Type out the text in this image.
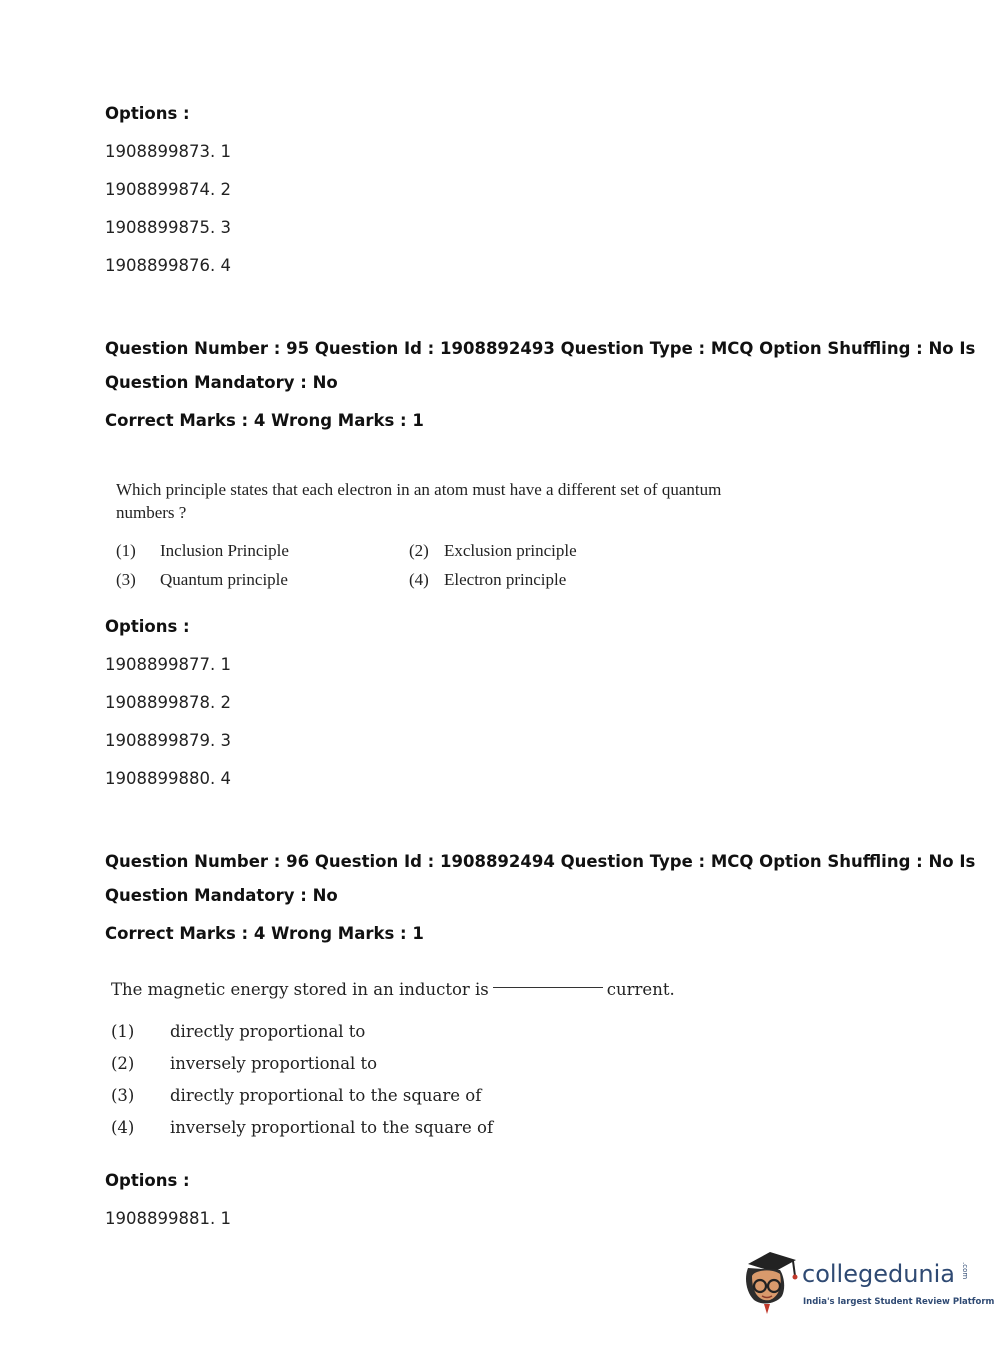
Options :
1908899873. 1
1908899874. 2
1908899875. 3
1908899876. 4
Question Number : 95 Question Id : 1908892493 Question Type : MCQ Option Shuffling : No Is
Question Mandatory : No
Correct Marks : 4 Wrong Marks : 1
Which principle states that each electron in an atom must have a different set of quantum
numbers ?
(1) Inclusion Principle	(2) Exclusion principle
(3) Quantum principle	(4) Electron principle
Options :
1908899877. 1
1908899878. 2
1908899879. 3
1908899880. 4
Question Number : 96 Question Id : 1908892494 Question Type : MCQ Option Shuffling : No Is
Question Mandatory : No
Correct Marks : 4 Wrong Marks : 1
The magnetic energy stored in an inductor is	current.
(1) directly proportional to
(2) inversely proportional to
(3) directly proportional to the square of
(4) inversely proportional to the square of
Options :
1908899881. 1
collegedunia .com
India's largest Student Review Platform
